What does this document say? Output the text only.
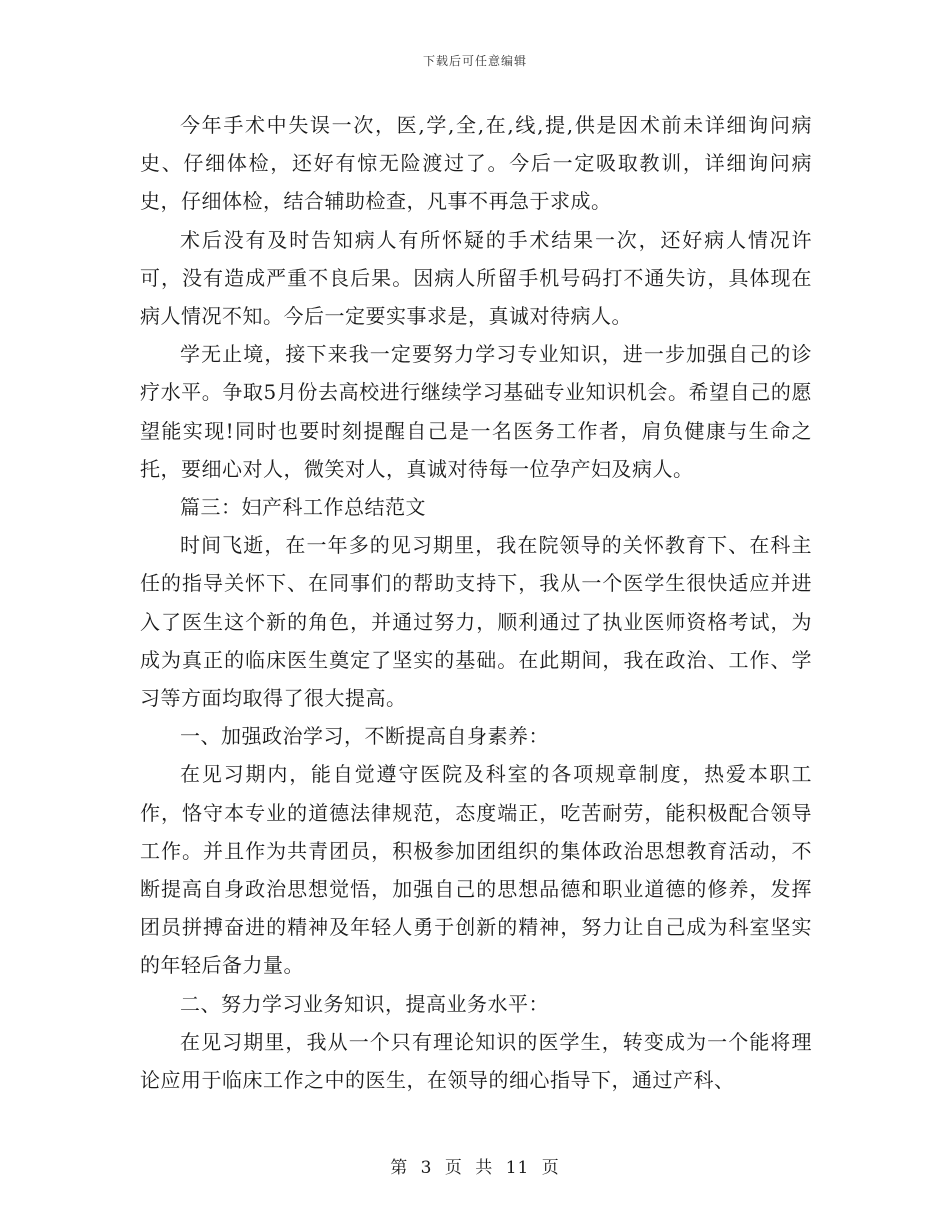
下载后可任意编辑

今年手术中失误一次，医,学,全,在,线,提,供是因术前未详细询问病史、仔细体检，还好有惊无险渡过了。今后一定吸取教训，详细询问病史，仔细体检，结合辅助检查，凡事不再急于求成。

术后没有及时告知病人有所怀疑的手术结果一次，还好病人情况许可，没有造成严重不良后果。因病人所留手机号码打不通失访，具体现在病人情况不知。今后一定要实事求是，真诚对待病人。

学无止境，接下来我一定要努力学习专业知识，进一步加强自己的诊疗水平。争取5月份去高校进行继续学习基础专业知识机会。希望自己的愿望能实现!同时也要时刻提醒自己是一名医务工作者，肩负健康与生命之托，要细心对人，微笑对人，真诚对待每一位孕产妇及病人。

篇三：妇产科工作总结范文

时间飞逝，在一年多的见习期里，我在院领导的关怀教育下、在科主任的指导关怀下、在同事们的帮助支持下，我从一个医学生很快适应并进入了医生这个新的角色，并通过努力，顺利通过了执业医师资格考试，为成为真正的临床医生奠定了坚实的基础。在此期间，我在政治、工作、学习等方面均取得了很大提高。

一、加强政治学习，不断提高自身素养：

在见习期内，能自觉遵守医院及科室的各项规章制度，热爱本职工作，恪守本专业的道德法律规范，态度端正，吃苦耐劳，能积极配合领导工作。并且作为共青团员，积极参加团组织的集体政治思想教育活动，不断提高自身政治思想觉悟，加强自己的思想品德和职业道德的修养，发挥团员拼搏奋进的精神及年轻人勇于创新的精神，努力让自己成为科室坚实的年轻后备力量。

二、努力学习业务知识，提高业务水平：

在见习期里，我从一个只有理论知识的医学生，转变成为一个能将理论应用于临床工作之中的医生，在领导的细心指导下，通过产科、

第 3 页 共 11 页
